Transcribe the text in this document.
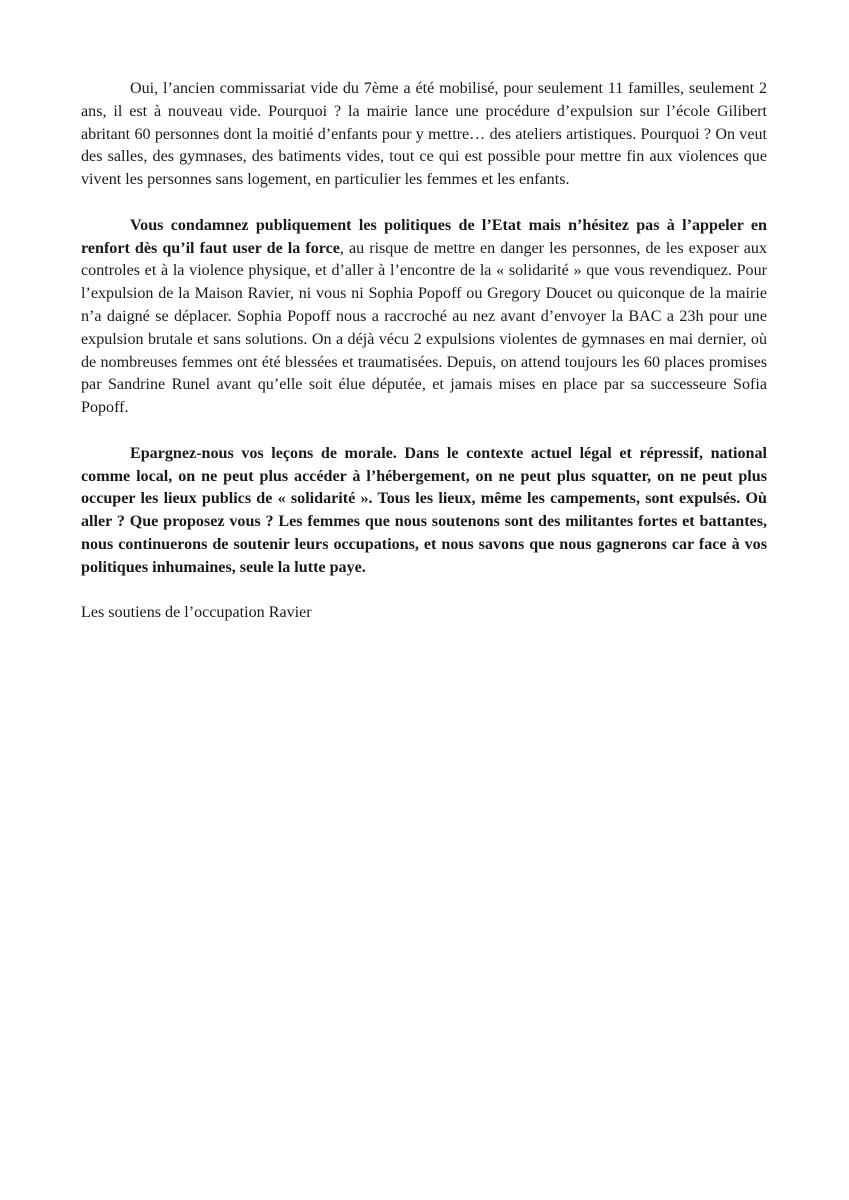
Oui, l’ancien commissariat vide du 7ème a été mobilisé, pour seulement 11 familles, seulement 2 ans, il est à nouveau vide. Pourquoi ? la mairie lance une procédure d’expulsion sur l’école Gilibert abritant 60 personnes dont la moitié d’enfants pour y mettre… des ateliers artistiques. Pourquoi ? On veut des salles, des gymnases, des batiments vides, tout ce qui est possible pour mettre fin aux violences que vivent les personnes sans logement, en particulier les femmes et les enfants.

Vous condamnez publiquement les politiques de l’Etat mais n’hésitez pas à l’appeler en renfort dès qu’il faut user de la force, au risque de mettre en danger les personnes, de les exposer aux controles et à la violence physique, et d’aller à l’encontre de la « solidarité » que vous revendiquez. Pour l’expulsion de la Maison Ravier, ni vous ni Sophia Popoff ou Gregory Doucet ou quiconque de la mairie n’a daigné se déplacer. Sophia Popoff nous a raccroché au nez avant d’envoyer la BAC a 23h pour une expulsion brutale et sans solutions. On a déjà vécu 2 expulsions violentes de gymnases en mai dernier, où de nombreuses femmes ont été blessées et traumatisées. Depuis, on attend toujours les 60 places promises par Sandrine Runel avant qu’elle soit élue députée, et jamais mises en place par sa successeure Sofia Popoff.

Epargnez-nous vos leçons de morale. Dans le contexte actuel légal et répressif, national comme local, on ne peut plus accéder à l’hébergement, on ne peut plus squatter, on ne peut plus occuper les lieux publics de « solidarité ». Tous les lieux, même les campements, sont expulsés. Où aller ? Que proposez vous ? Les femmes que nous soutenons sont des militantes fortes et battantes, nous continuerons de soutenir leurs occupations, et nous savons que nous gagnerons car face à vos politiques inhumaines, seule la lutte paye.

Les soutiens de l’occupation Ravier
